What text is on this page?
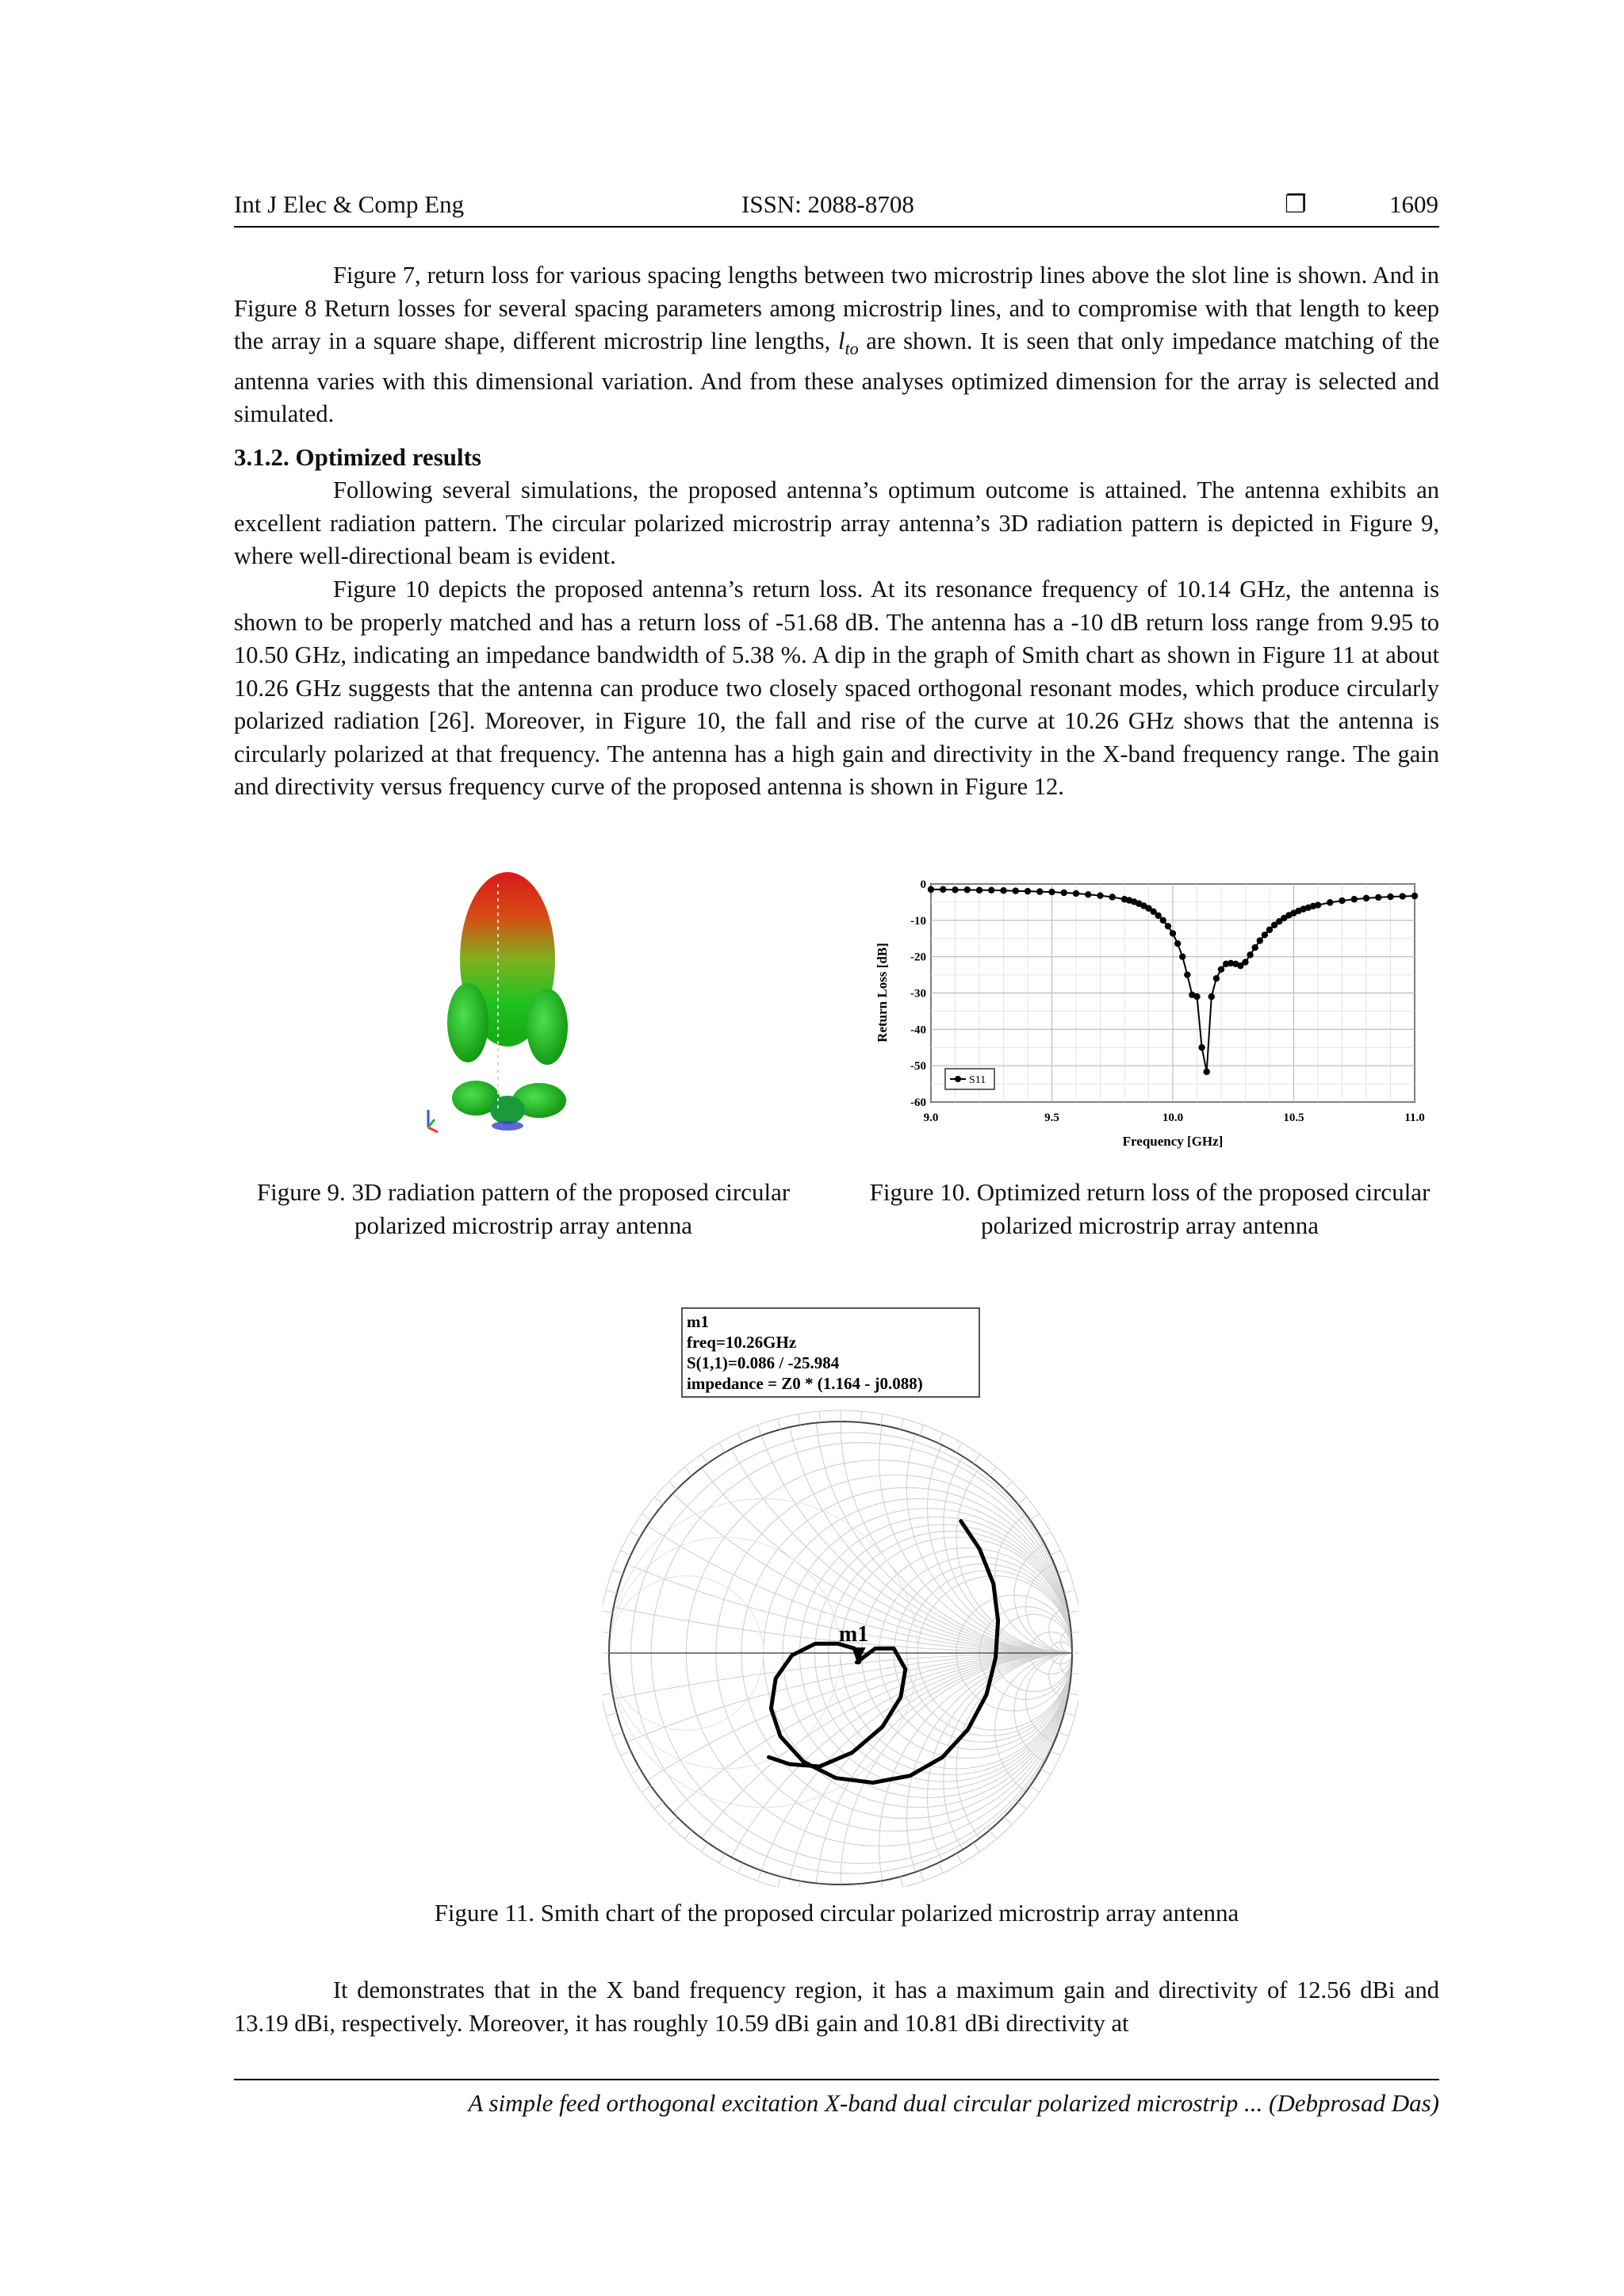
Int J Elec & Comp Eng	ISSN: 2088-8708	❐	1609

Figure 7, return loss for various spacing lengths between two microstrip lines above the slot line is shown. And in Figure 8 Return losses for several spacing parameters among microstrip lines, and to compromise with that length to keep the array in a square shape, different microstrip line lengths, $l_{to}$ are shown. It is seen that only impedance matching of the antenna varies with this dimensional variation. And from these analyses optimized dimension for the array is selected and simulated.

3.1.2. Optimized results

Following several simulations, the proposed antenna’s optimum outcome is attained. The antenna exhibits an excellent radiation pattern. The circular polarized microstrip array antenna’s 3D radiation pattern is depicted in Figure 9, where well-directional beam is evident.

Figure 10 depicts the proposed antenna’s return loss. At its resonance frequency of 10.14 GHz, the antenna is shown to be properly matched and has a return loss of -51.68 dB. The antenna has a -10 dB return loss range from 9.95 to 10.50 GHz, indicating an impedance bandwidth of 5.38 %. A dip in the graph of Smith chart as shown in Figure 11 at about 10.26 GHz suggests that the antenna can produce two closely spaced orthogonal resonant modes, which produce circularly polarized radiation [26]. Moreover, in Figure 10, the fall and rise of the curve at 10.26 GHz shows that the antenna is circularly polarized at that frequency. The antenna has a high gain and directivity in the X-band frequency range. The gain and directivity versus frequency curve of the proposed antenna is shown in Figure 12.

Figure 9. 3D radiation pattern of the proposed circular polarized microstrip array antenna
9.0	9.5	10.0	10.5	11.0
0
-10
-20
-30
-40
-50
-60
S11
Frequency [GHz]
Return Loss [dB]
Figure 10. Optimized return loss of the proposed circular polarized microstrip array antenna
m1
freq=10.26GHz
S(1,1)=0.086 / -25.984
impedance = Z0 * (1.164 - j0.088)
m1
Figure 11. Smith chart of the proposed circular polarized microstrip array antenna

It demonstrates that in the X band frequency region, it has a maximum gain and directivity of 12.56 dBi and 13.19 dBi, respectively. Moreover, it has roughly 10.59 dBi gain and 10.81 dBi directivity at

A simple feed orthogonal excitation X-band dual circular polarized microstrip ... (Debprosad Das)
